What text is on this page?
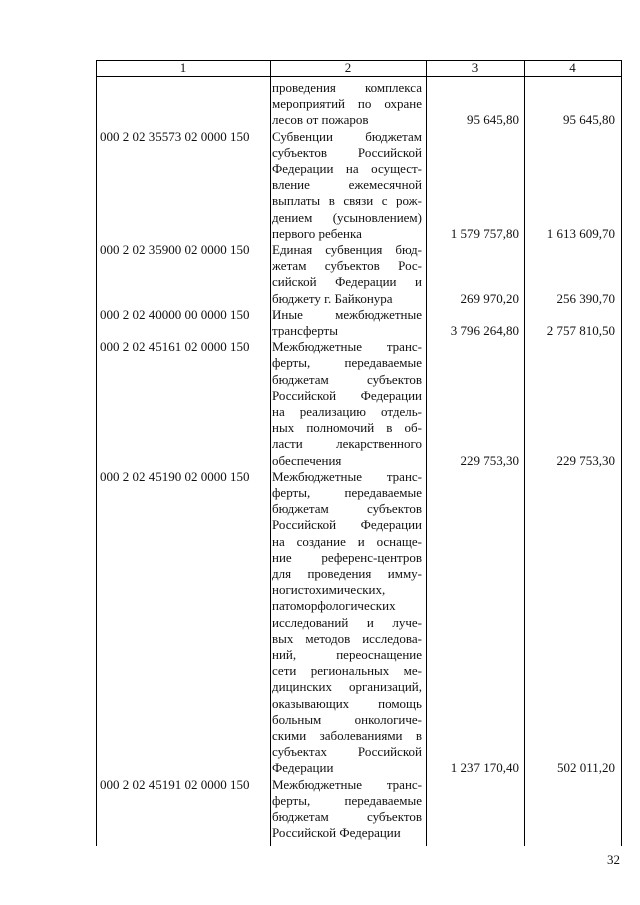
1	2	3	4
проведения комплекса
мероприятий по охране
лесов от пожаров	95 645,80	95 645,80
000 2 02 35573 02 0000 150	Субвенции бюджетам
субъектов Российской
Федерации на осущест-
вление ежемесячной
выплаты в связи с рож-
дением (усыновлением)
первого ребенка	1 579 757,80	1 613 609,70
000 2 02 35900 02 0000 150	Единая субвенция бюд-
жетам субъектов Рос-
сийской Федерации и
бюджету г. Байконура	269 970,20	256 390,70
000 2 02 40000 00 0000 150	Иные межбюджетные
трансферты	3 796 264,80	2 757 810,50
000 2 02 45161 02 0000 150	Межбюджетные транс-
ферты, передаваемые
бюджетам субъектов
Российской Федерации
на реализацию отдель-
ных полномочий в об-
ласти лекарственного
обеспечения	229 753,30	229 753,30
000 2 02 45190 02 0000 150	Межбюджетные транс-
ферты, передаваемые
бюджетам субъектов
Российской Федерации
на создание и оснаще-
ние референс-центров
для проведения имму-
ногистохимических,
патоморфологических
исследований и луче-
вых методов исследова-
ний, переоснащение
сети региональных ме-
дицинских организаций,
оказывающих помощь
больным онкологиче-
скими заболеваниями в
субъектах Российской
Федерации	1 237 170,40	502 011,20
000 2 02 45191 02 0000 150	Межбюджетные транс-
ферты, передаваемые
бюджетам субъектов
Российской Федерации
32
